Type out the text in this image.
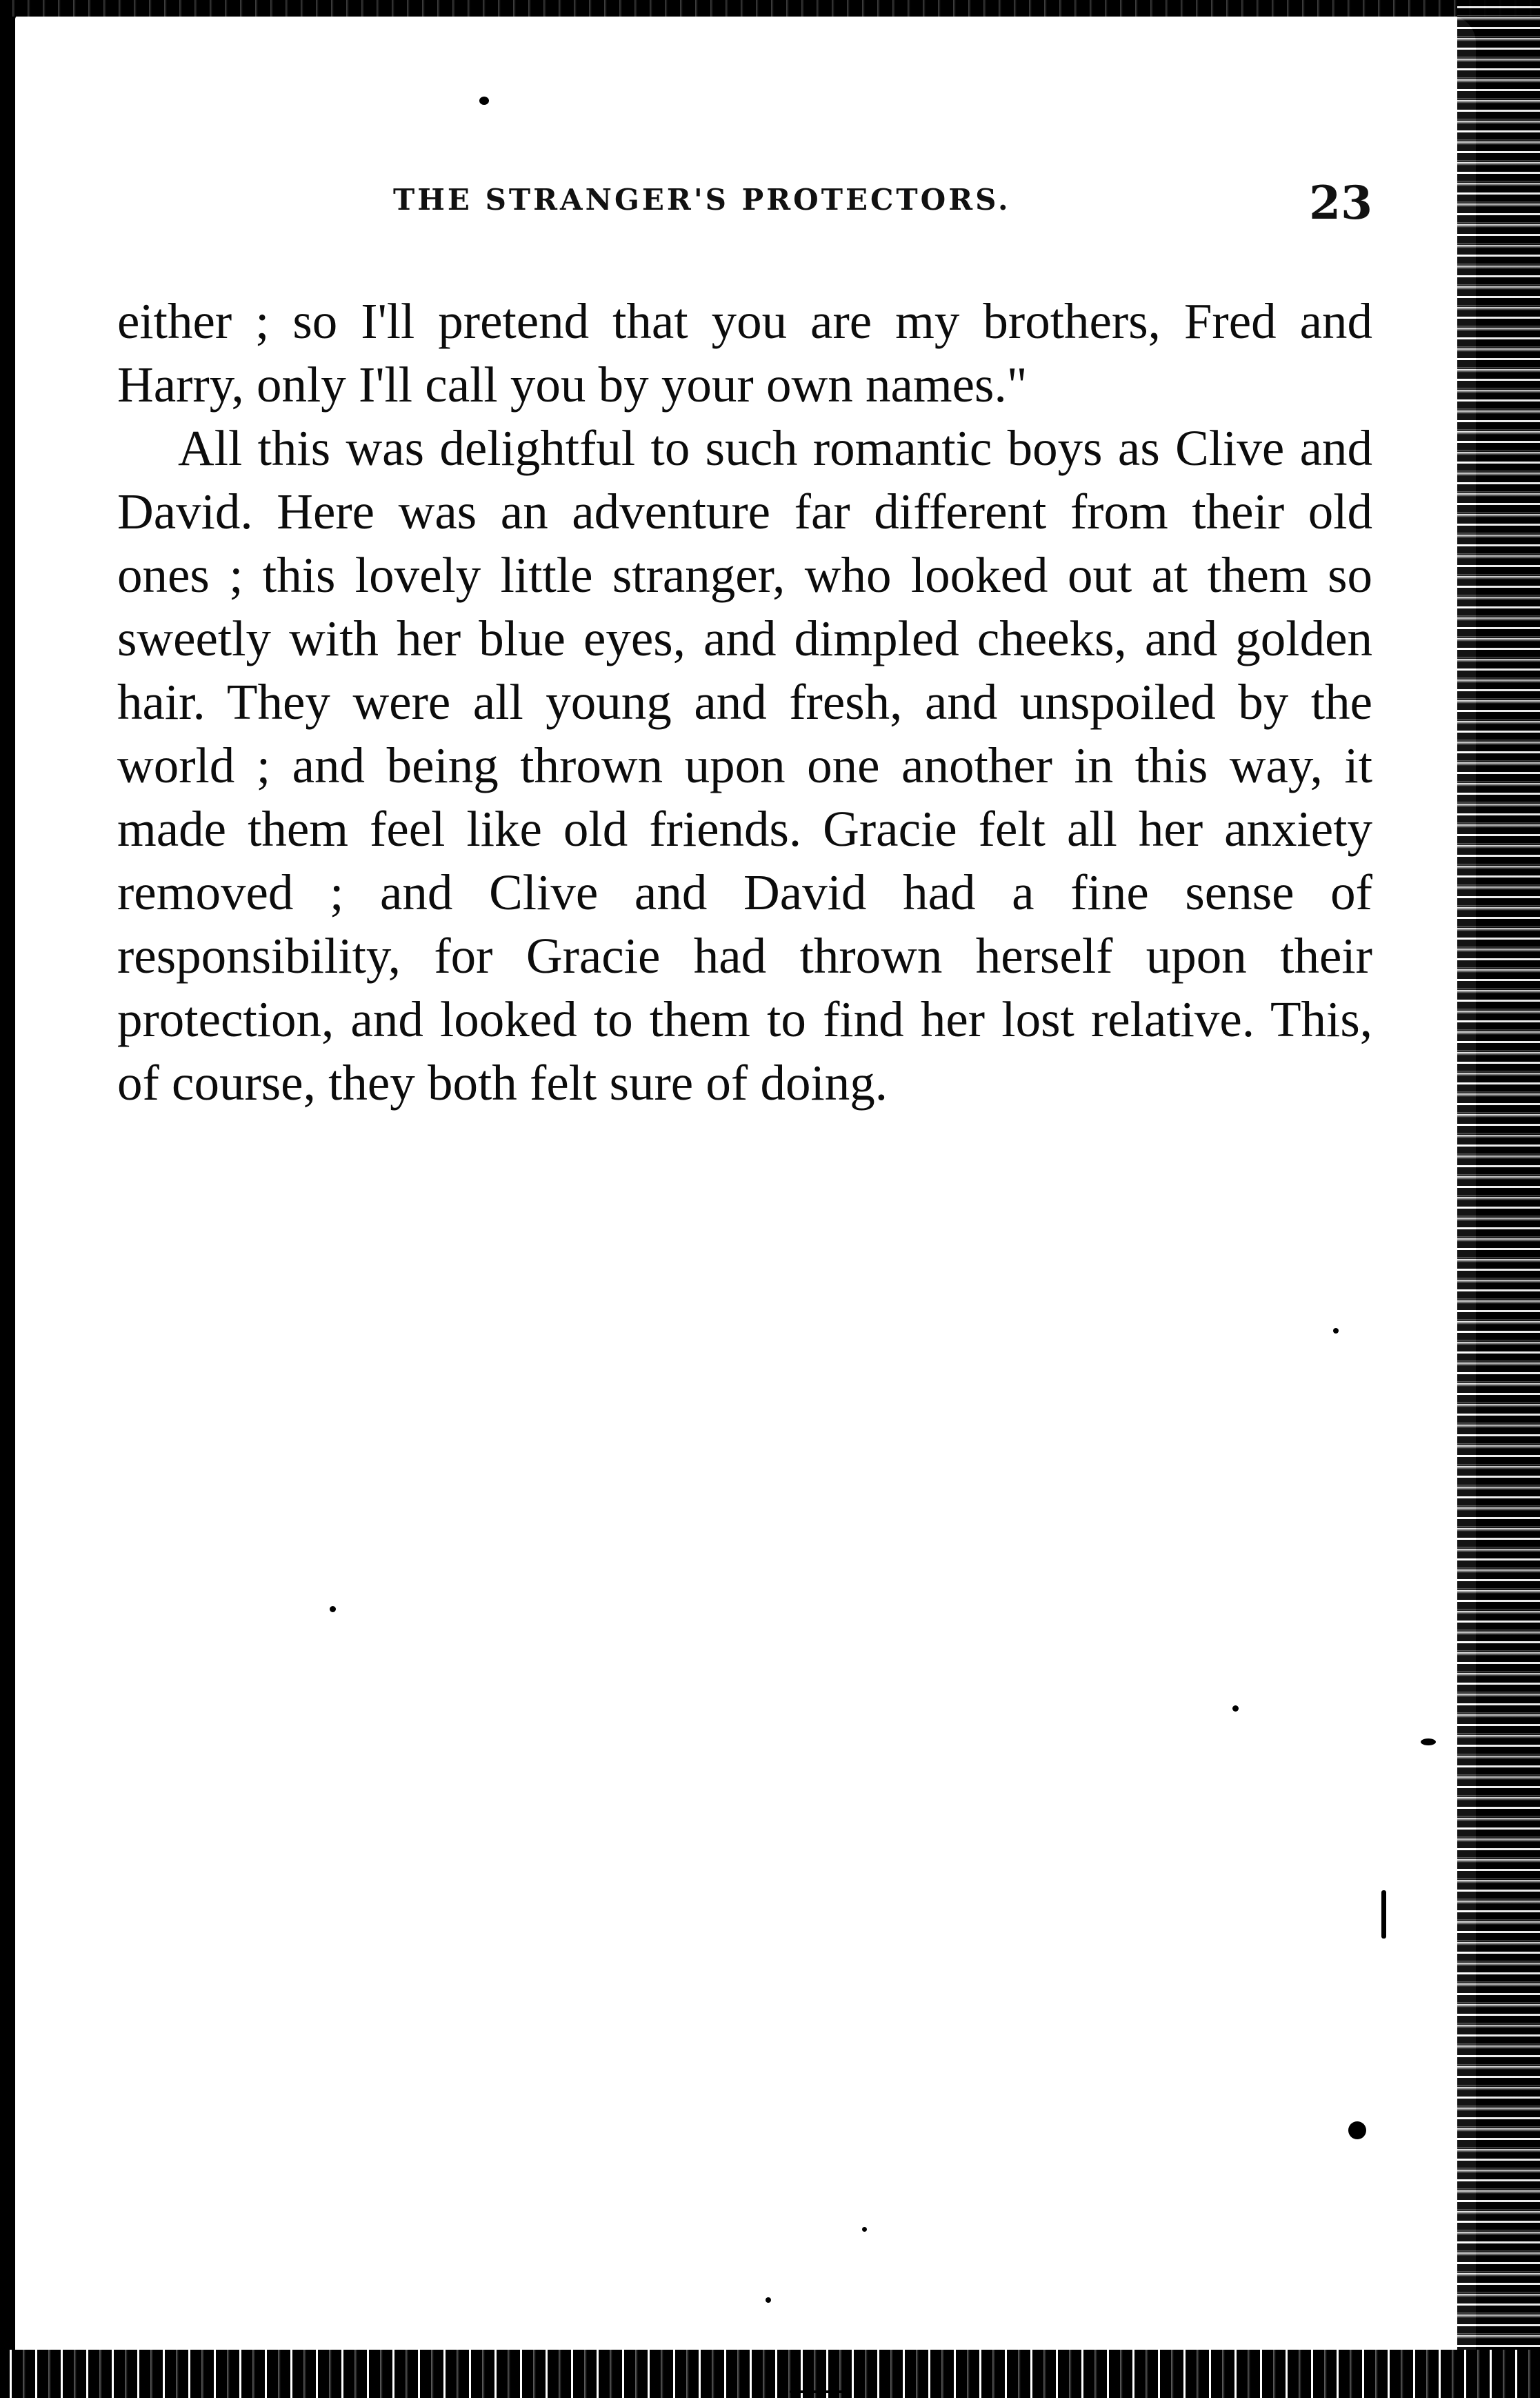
THE STRANGER'S PROTECTORS.	23

either ; so I'll pretend that you are my brothers, Fred and Harry, only I'll call you by your own names."

All this was delightful to such romantic boys as Clive and David. Here was an adventure far different from their old ones ; this lovely little stranger, who looked out at them so sweetly with her blue eyes, and dimpled cheeks, and golden hair. They were all young and fresh, and unspoiled by the world ; and being thrown upon one another in this way, it made them feel like old friends. Gracie felt all her anxiety removed ; and Clive and David had a fine sense of responsibility, for Gracie had thrown herself upon their protection, and looked to them to find her lost relative. This, of course, they both felt sure of doing.
